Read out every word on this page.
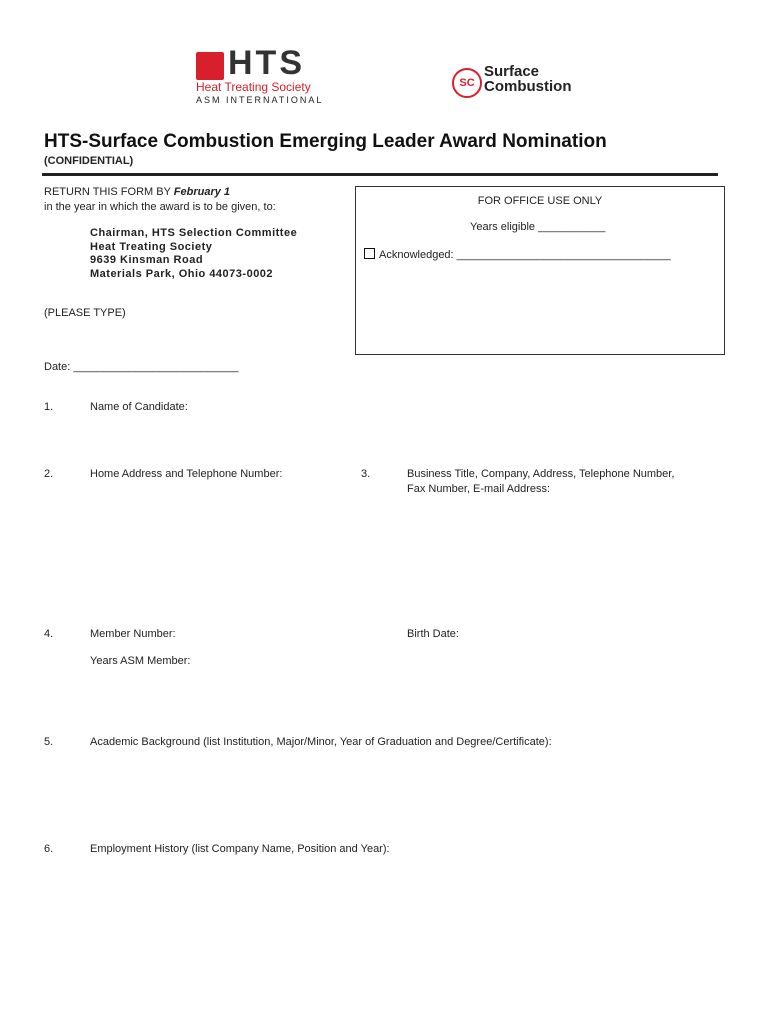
HTS
Heat Treating Society
ASM INTERNATIONAL
SC
Surface
Combustion
HTS-Surface Combustion Emerging Leader Award Nomination
(CONFIDENTIAL)
RETURN THIS FORM BY February 1
in the year in which the award is to be given, to:
Chairman, HTS Selection Committee
Heat Treating Society
9639 Kinsman Road
Materials Park, Ohio 44073-0002
FOR OFFICE USE ONLY
Years eligible ___________
Acknowledged: ___________________________________
(PLEASE TYPE)
Date: ___________________________
1.	Name of Candidate:
2.	Home Address and Telephone Number:	3.	Business Title, Company, Address, Telephone Number,
Fax Number, E-mail Address:
4.	Member Number:	Birth Date:
Years ASM Member:
5.	Academic Background (list Institution, Major/Minor, Year of Graduation and Degree/Certificate):
6.	Employment History (list Company Name, Position and Year):
